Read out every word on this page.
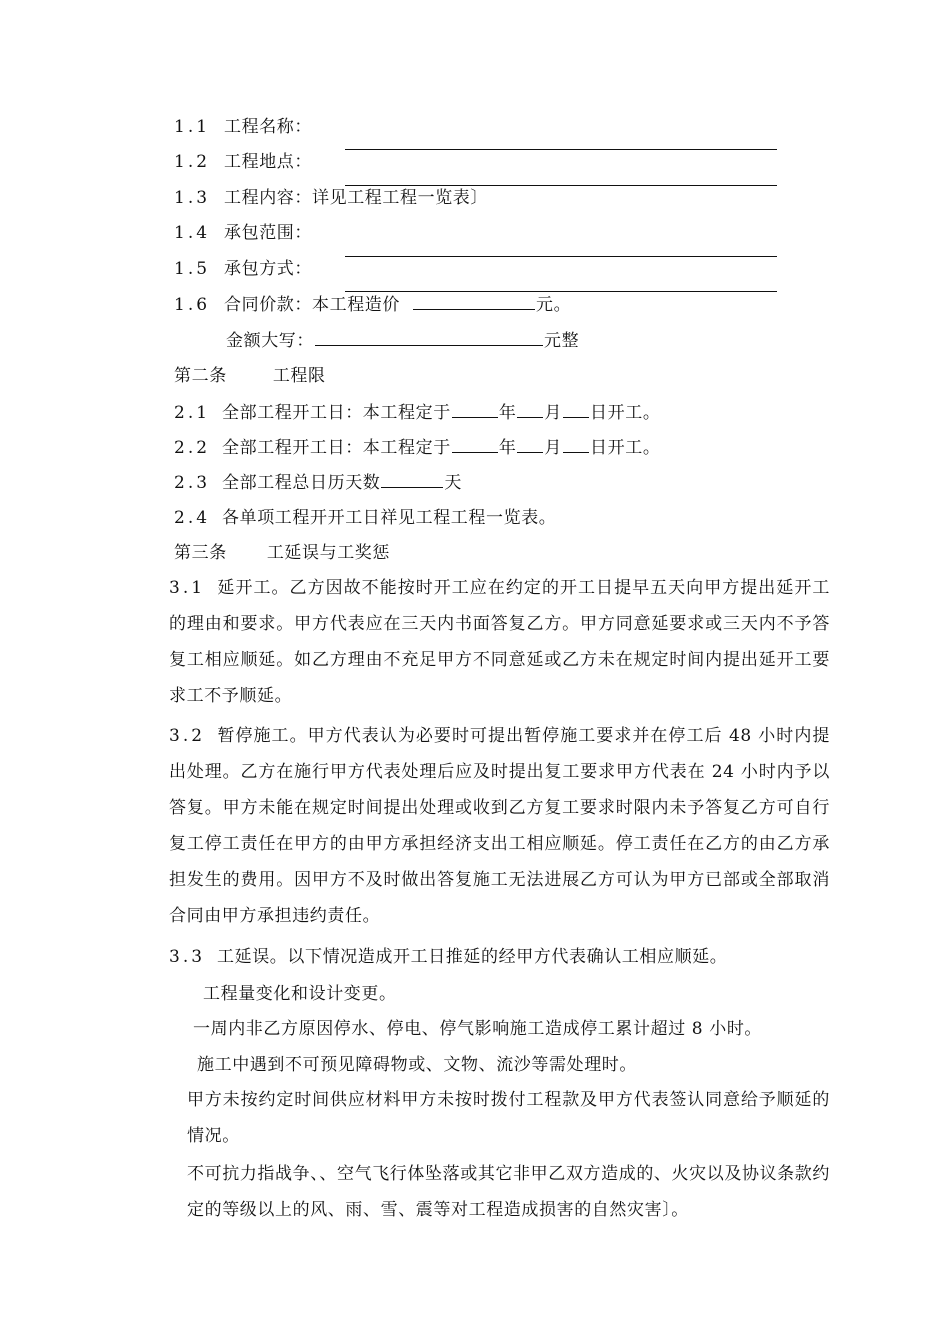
1.1 工程名称：
1.2 工程地点：
1.3 工程内容：详见工程工程一览表〕
1.4 承包范围：
1.5 承包方式：
1.6 合同价款：本工程造价	元。
金额大写：	元整
第二条	工程限
2.1 全部工程开工日：本工程定于	年 月 日开工。
2.2 全部工程开工日：本工程定于	年 月 日开工。
2.3 全部工程总日历天数	天
2.4 各单项工程开开工日祥见工程工程一览表。
第三条 工延误与工奖惩
3.1 延开工。乙方因故不能按时开工应在约定的开工日提早五天向甲方提出延开工的理由和要求。甲方代表应在三天内书面答复乙方。甲方同意延要求或三天内不予答复工相应顺延。如乙方理由不充足甲方不同意延或乙方未在规定时间内提出延开工要求工不予顺延。
3.2 暂停施工。甲方代表认为必要时可提出暂停施工要求并在停工后 48 小时内提出处理。乙方在施行甲方代表处理后应及时提出复工要求甲方代表在 24 小时内予以答复。甲方未能在规定时间提出处理或收到乙方复工要求时限内未予答复乙方可自行复工停工责任在甲方的由甲方承担经济支出工相应顺延。停工责任在乙方的由乙方承担发生的费用。因甲方不及时做出答复施工无法进展乙方可认为甲方已部或全部取消合同由甲方承担违约责任。
3.3 工延误。以下情况造成开工日推延的经甲方代表确认工相应顺延。
工程量变化和设计变更。
一周内非乙方原因停水、停电、停气影响施工造成停工累计超过 8 小时。
施工中遇到不可预见障碍物或、文物、流沙等需处理时。
甲方未按约定时间供应材料甲方未按时拨付工程款及甲方代表签认同意给予顺延的情况。
不可抗力指战争、、空气飞行体坠落或其它非甲乙双方造成的、火灾以及协议条款约定的等级以上的风、雨、雪、震等对工程造成损害的自然灾害〕。
